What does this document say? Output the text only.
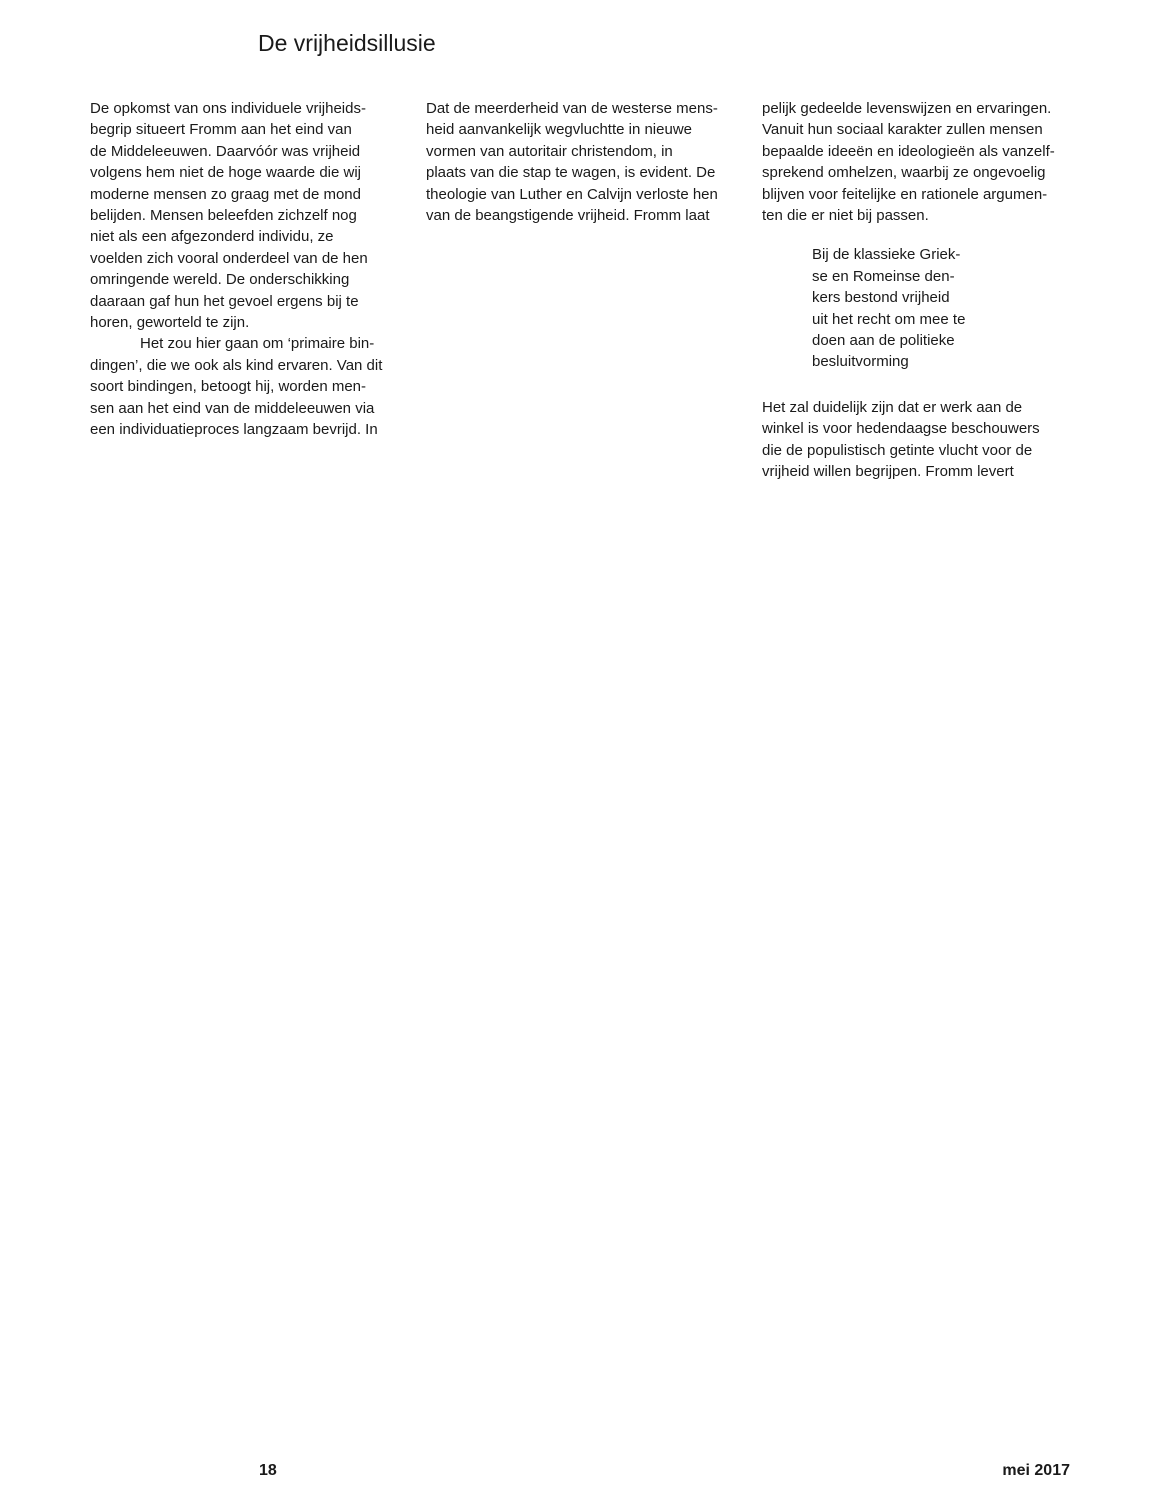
De vrijheidsillusie
De opkomst van ons individuele vrijheids-
begrip situeert Fromm aan het eind van
de Middeleeuwen. Daarvóór was vrijheid
volgens hem niet de hoge waarde die wij
moderne mensen zo graag met de mond
belijden. Mensen beleefden zichzelf nog
niet als een afgezonderd individu, ze
voelden zich vooral onderdeel van de hen
omringende wereld. De onderschikking
daaraan gaf hun het gevoel ergens bij te
horen, geworteld te zijn.
Het zou hier gaan om ‘primaire bin-
dingen’, die we ook als kind ervaren. Van dit
soort bindingen, betoogt hij, worden men-
sen aan het eind van de middeleeuwen via
een individuatieproces langzaam bevrijd. In
Dat de meerderheid van de westerse mens-
heid aanvankelijk wegvluchtte in nieuwe
vormen van autoritair christendom, in
plaats van die stap te wagen, is evident. De
theologie van Luther en Calvijn verloste hen
van de beangstigende vrijheid. Fromm laat
pelijk gedeelde levenswijzen en ervaringen.
Vanuit hun sociaal karakter zullen mensen
bepaalde ideeën en ideologieën als vanzelf-
sprekend omhelzen, waarbij ze ongevoelig
blijven voor feitelijke en rationele argumen-
ten die er niet bij passen.
Bij de klassieke Griek-
se en Romeinse den-
kers bestond vrijheid
uit het recht om mee te
doen aan de politieke
besluitvorming
Het zal duidelijk zijn dat er werk aan de
winkel is voor hedendaagse beschouwers
die de populistisch getinte vlucht voor de
vrijheid willen begrijpen. Fromm levert
18	mei 2017
